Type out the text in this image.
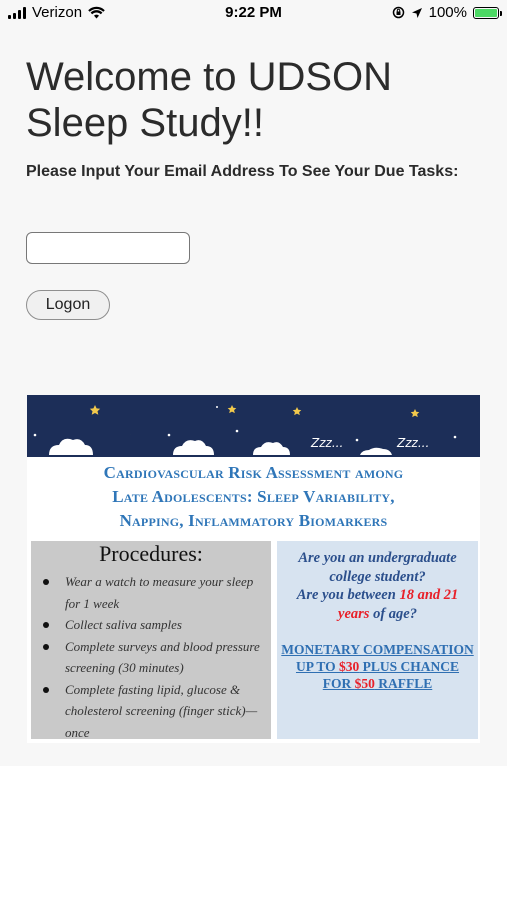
Verizon	9:22 PM	100%
Welcome to UDSON Sleep Study!!

Please Input Your Email Address To See Your Due Tasks:

Logon
Zzz...	Zzz...
Cardiovascular Risk Assessment among
Late Adolescents: Sleep Variability,
Napping, Inflammatory Biomarkers
Procedures:
Wear a watch to measure your sleep for 1 week
Collect saliva samples
Complete surveys and blood pressure screening (30 minutes)
Complete fasting lipid, glucose & cholesterol screening (finger stick)—once
Are you an undergraduate college student?
Are you between 18 and 21 years of age?
MONETARY COMPENSATION UP TO $30 PLUS CHANCE FOR $50 RAFFLE
